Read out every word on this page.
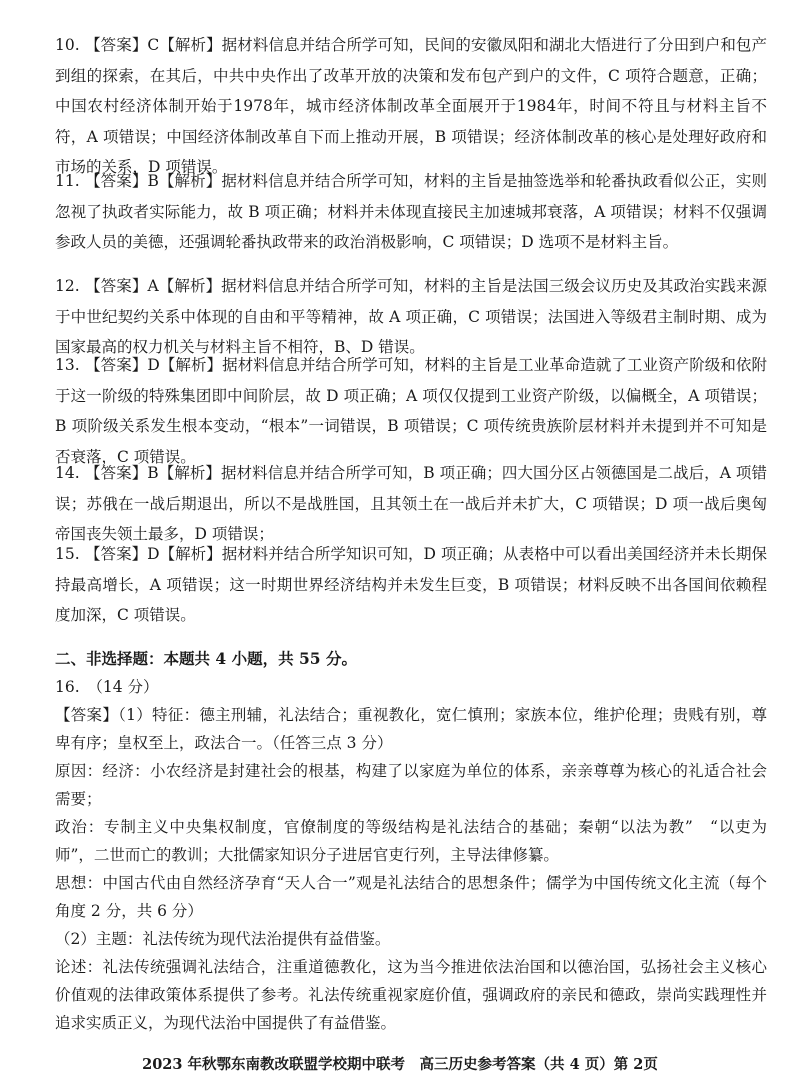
10. 【答案】C【解析】据材料信息并结合所学可知，民间的安徽凤阳和湖北大悟进行了分田到户和包产到组的探索，在其后，中共中央作出了改革开放的决策和发布包产到户的文件，C 项符合题意，正确；中国农村经济体制开始于1978年，城市经济体制改革全面展开于1984年，时间不符且与材料主旨不符，A 项错误；中国经济体制改革自下而上推动开展，B 项错误；经济体制改革的核心是处理好政府和市场的关系，D 项错误。
11. 【答案】B【解析】据材料信息并结合所学可知，材料的主旨是抽签选举和轮番执政看似公正，实则忽视了执政者实际能力，故 B 项正确；材料并未体现直接民主加速城邦衰落，A 项错误；材料不仅强调参政人员的美德，还强调轮番执政带来的政治消极影响，C 项错误；D 选项不是材料主旨。
12. 【答案】A【解析】据材料信息并结合所学可知，材料的主旨是法国三级会议历史及其政治实践来源于中世纪契约关系中体现的自由和平等精神，故 A 项正确，C 项错误；法国进入等级君主制时期、成为国家最高的权力机关与材料主旨不相符，B、D 错误。
13. 【答案】D【解析】据材料信息并结合所学可知，材料的主旨是工业革命造就了工业资产阶级和依附于这一阶级的特殊集团即中间阶层，故 D 项正确；A 项仅仅提到工业资产阶级，以偏概全，A 项错误；B 项阶级关系发生根本变动，“根本”一词错误，B 项错误；C 项传统贵族阶层材料并未提到并不可知是否衰落，C 项错误。
14. 【答案】B【解析】据材料信息并结合所学可知，B 项正确；四大国分区占领德国是二战后，A 项错误；苏俄在一战后期退出，所以不是战胜国，且其领土在一战后并未扩大，C 项错误；D 项一战后奥匈帝国丧失领土最多，D 项错误；
15. 【答案】D【解析】据材料并结合所学知识可知，D 项正确；从表格中可以看出美国经济并未长期保持最高增长，A 项错误；这一时期世界经济结构并未发生巨变，B 项错误；材料反映不出各国间依赖程度加深，C 项错误。
二、非选择题：本题共 4 小题，共 55 分。
16.　（14 分）
【答案】（1）特征：德主刑辅，礼法结合；重视教化，宽仁慎刑；家族本位，维护伦理；贵贱有别，尊卑有序；皇权至上，政法合一。（任答三点 3 分）
原因：经济：小农经济是封建社会的根基，构建了以家庭为单位的体系，亲亲尊尊为核心的礼适合社会需要；
政治：专制主义中央集权制度，官僚制度的等级结构是礼法结合的基础；秦朝“以法为教”　“以吏为师”，二世而亡的教训；大批儒家知识分子进居官吏行列，主导法律修纂。
思想：中国古代由自然经济孕育“天人合一”观是礼法结合的思想条件；儒学为中国传统文化主流（每个角度 2 分，共 6 分）
（2）主题：礼法传统为现代法治提供有益借鉴。
论述：礼法传统强调礼法结合，注重道德教化，这为当今推进依法治国和以德治国，弘扬社会主义核心价值观的法律政策体系提供了参考。礼法传统重视家庭价值，强调政府的亲民和德政，崇尚实践理性并追求实质正义，为现代法治中国提供了有益借鉴。
2023 年秋鄂东南教改联盟学校期中联考　高三历史参考答案（共 4 页）第 2页
